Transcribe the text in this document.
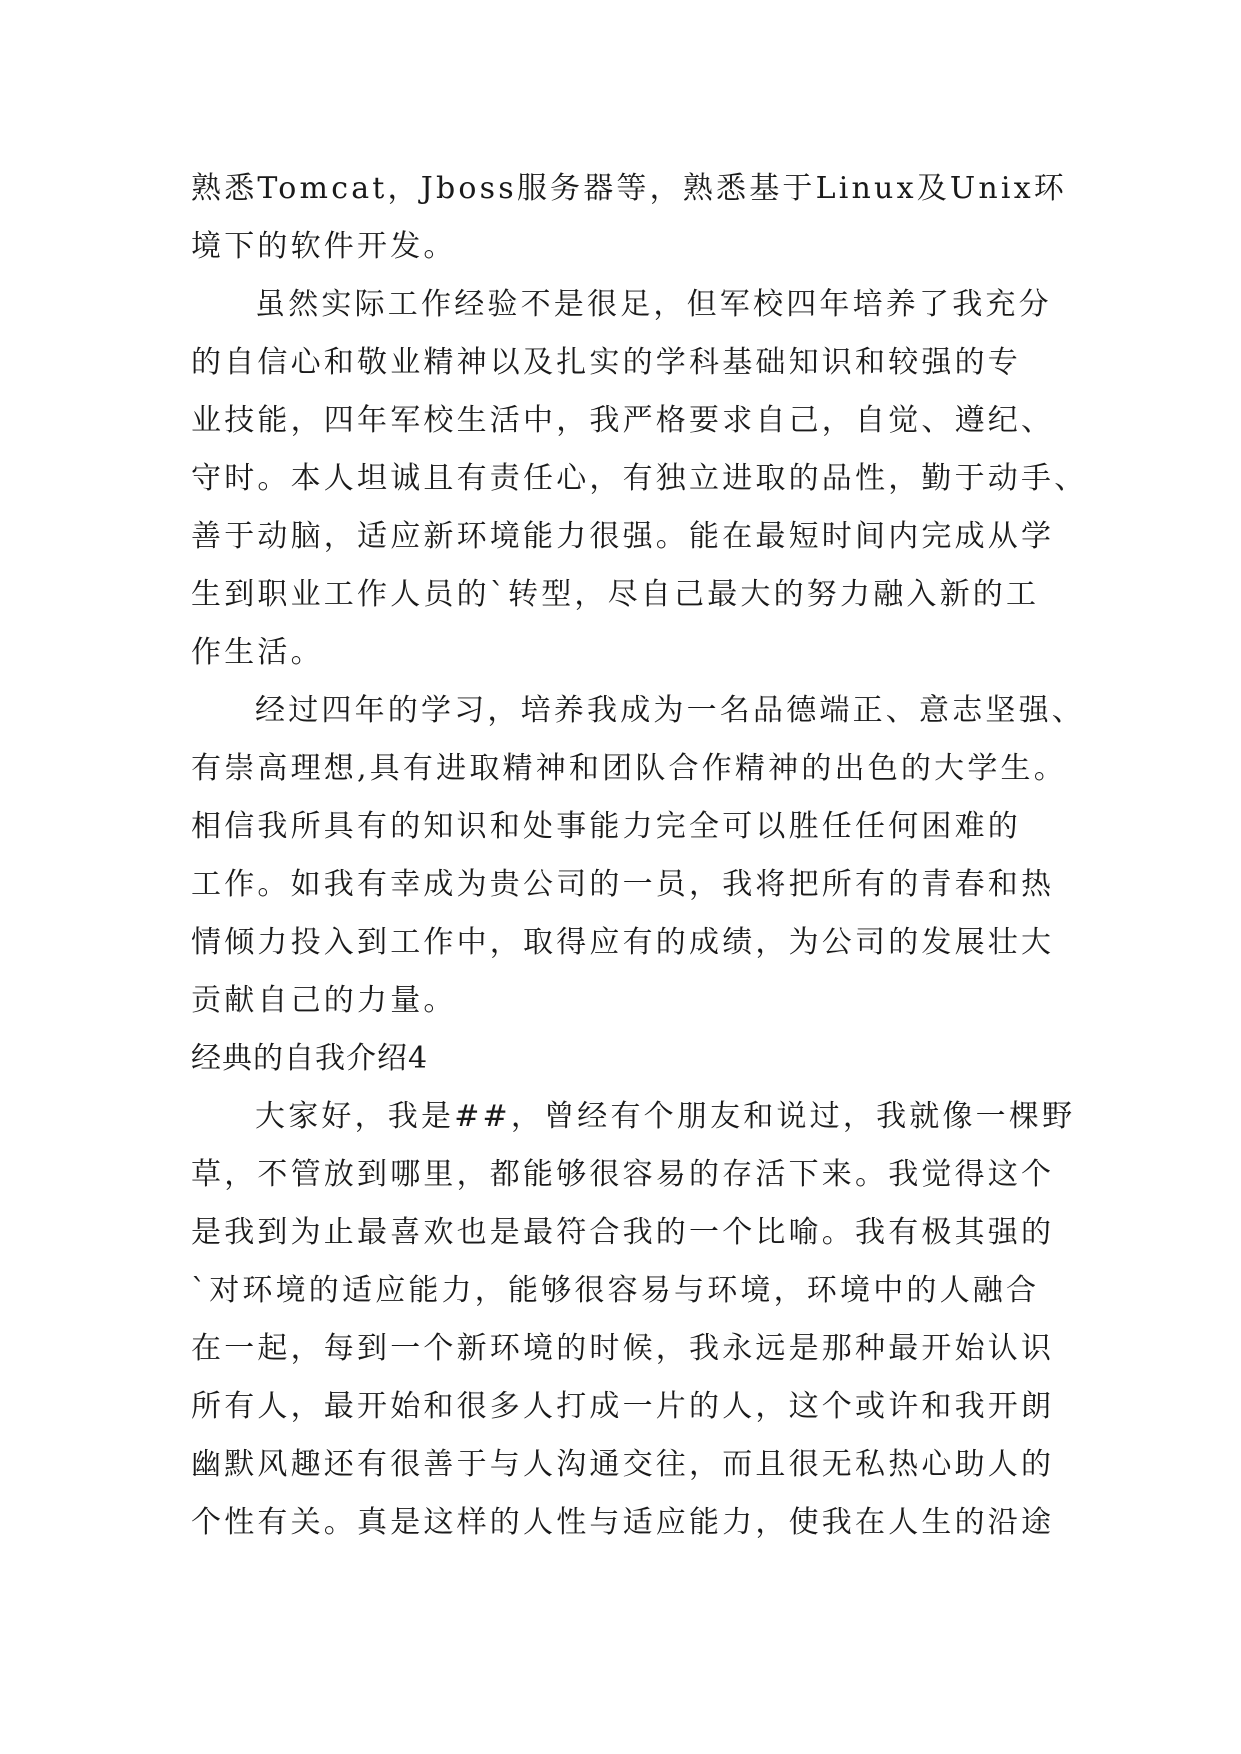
熟悉Tomcat，Jboss服务器等，熟悉基于Linux及Unix环
境下的软件开发。
虽然实际工作经验不是很足，但军校四年培养了我充分
的自信心和敬业精神以及扎实的学科基础知识和较强的专
业技能，四年军校生活中，我严格要求自己，自觉、遵纪、
守时。本人坦诚且有责任心，有独立进取的品性，勤于动手、
善于动脑，适应新环境能力很强。能在最短时间内完成从学
生到职业工作人员的`转型，尽自己最大的努力融入新的工
作生活。
经过四年的学习，培养我成为一名品德端正、意志坚强、
有崇高理想,具有进取精神和团队合作精神的出色的大学生。
相信我所具有的知识和处事能力完全可以胜任任何困难的
工作。如我有幸成为贵公司的一员，我将把所有的青春和热
情倾力投入到工作中，取得应有的成绩，为公司的发展壮大
贡献自己的力量。
经典的自我介绍4
大家好，我是##，曾经有个朋友和说过，我就像一棵野
草，不管放到哪里，都能够很容易的存活下来。我觉得这个
是我到为止最喜欢也是最符合我的一个比喻。我有极其强的
`对环境的适应能力，能够很容易与环境，环境中的人融合
在一起，每到一个新环境的时候，我永远是那种最开始认识
所有人，最开始和很多人打成一片的人，这个或许和我开朗
幽默风趣还有很善于与人沟通交往，而且很无私热心助人的
个性有关。真是这样的人性与适应能力，使我在人生的沿途
